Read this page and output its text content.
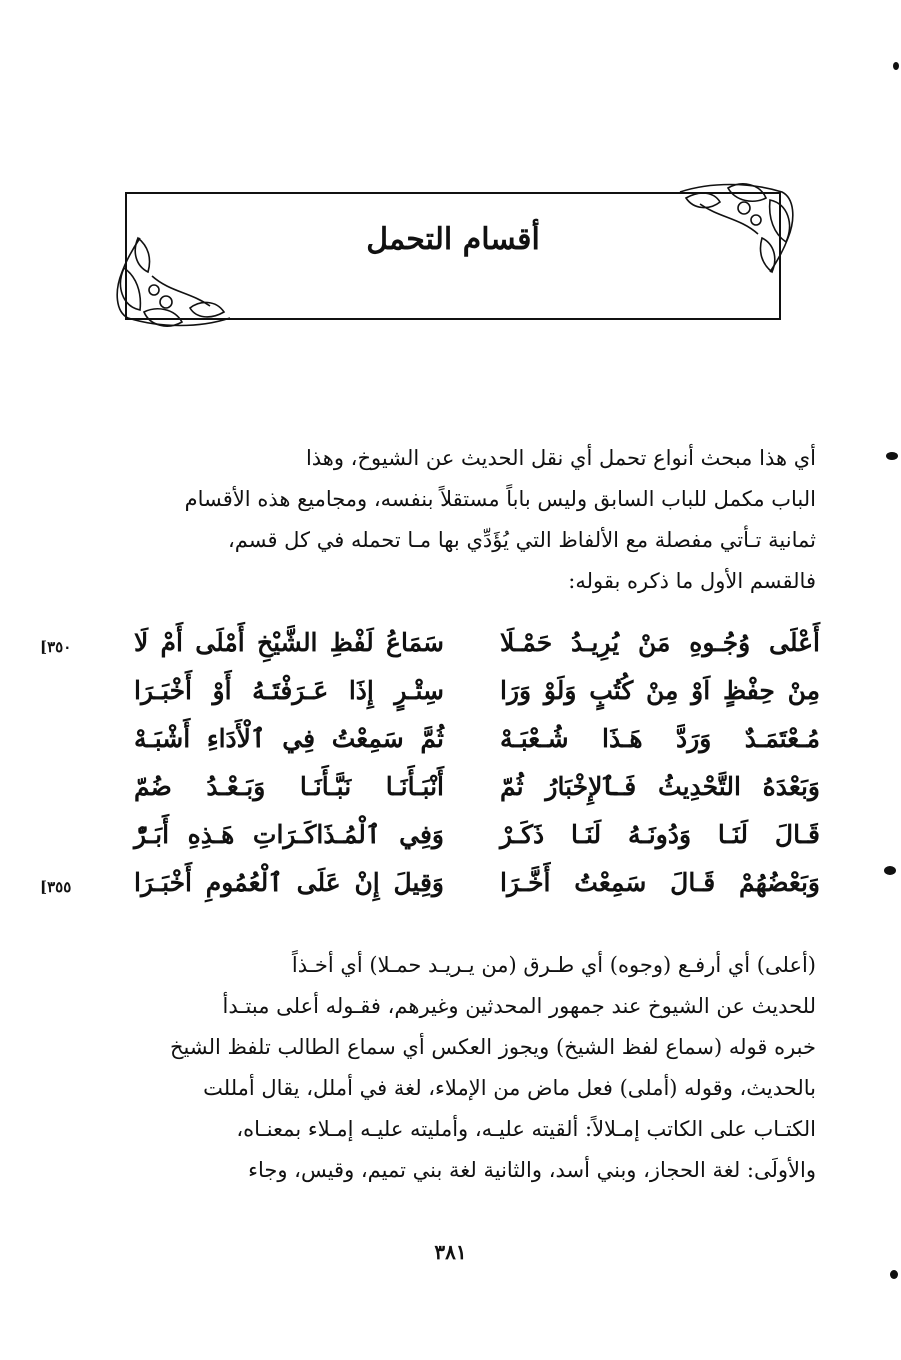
أقسام التحمل

أي هذا مبحث أنواع تحمل أي نقل الحديث عن الشيوخ، وهذا

الباب مكمل للباب السابق وليس باباً مستقلاً بنفسه، ومجاميع هذه الأقسام

ثمانية تـأتي مفصلة مع الألفاظ التي يُؤَدِّي بها مـا تحمله في كل قسم،

فالقسم الأول ما ذكره بقوله:

أَعْلَى وُجُـوهِ مَنْ يُرِيـدُ حَمْـلَا
سَمَاعُ لَفْظِ الشَّيْخِ أَمْلَى أَمْ لَا
[٣٥٠
مِنْ حِفْظٍ اَوْ مِنْ كُتُبٍ وَلَوْ وَرَا
سِتْـرٍ إِذَا عَـرَفْتَـهُ أَوْ أَخْبَـرَا
مُـعْتَمَـدٌ وَرَدَّ هَـذَا شُـعْبَـهْ
ثُمَّ سَمِعْتُ فِي ٱلْأَدَاءِ أَشْبَـهْ
وَبَعْدَهُ التَّحْدِيثُ فَـٱلإِخْبَارُ ثُمّ
أَنْبَـأَنَـا نَبَّـأَنَـا وَبَـعْـدُ ضُمّ
قَـالَ لَنَـا وَدُونَـهُ لَنَـا ذَكَـرْ
وَفِي ٱلْمُـذَاكَـرَاتِ هَـذِهِ أَبَـرّْ
وَبَعْضُهُمْ قَـالَ سَمِعْتُ أَخَّـرَا
وَقِيلَ إِنْ عَلَى ٱلْعُمُومِ أَخْبَـرَا
[٣٥٥

(أعلى) أي أرفـع (وجوه) أي طـرق (من يـريـد حمـلا) أي أخـذاً

للحديث عن الشيوخ عند جمهور المحدثين وغيرهم، فقـوله أعلى مبتـدأ

خبره قوله (سماع لفظ الشيخ) ويجوز العكس أي سماع الطالب تلفظ الشيخ

بالحديث، وقوله (أملى) فعل ماض من الإملاء، لغة في أملل، يقال أمللت

الكتـاب على الكاتب إمـلالاً: ألقيته عليـه، وأمليته عليـه إمـلاء بمعنـاه،

والأولَى: لغة الحجاز، وبني أسد، والثانية لغة بني تميم، وقيس، وجاء

٣٨١
